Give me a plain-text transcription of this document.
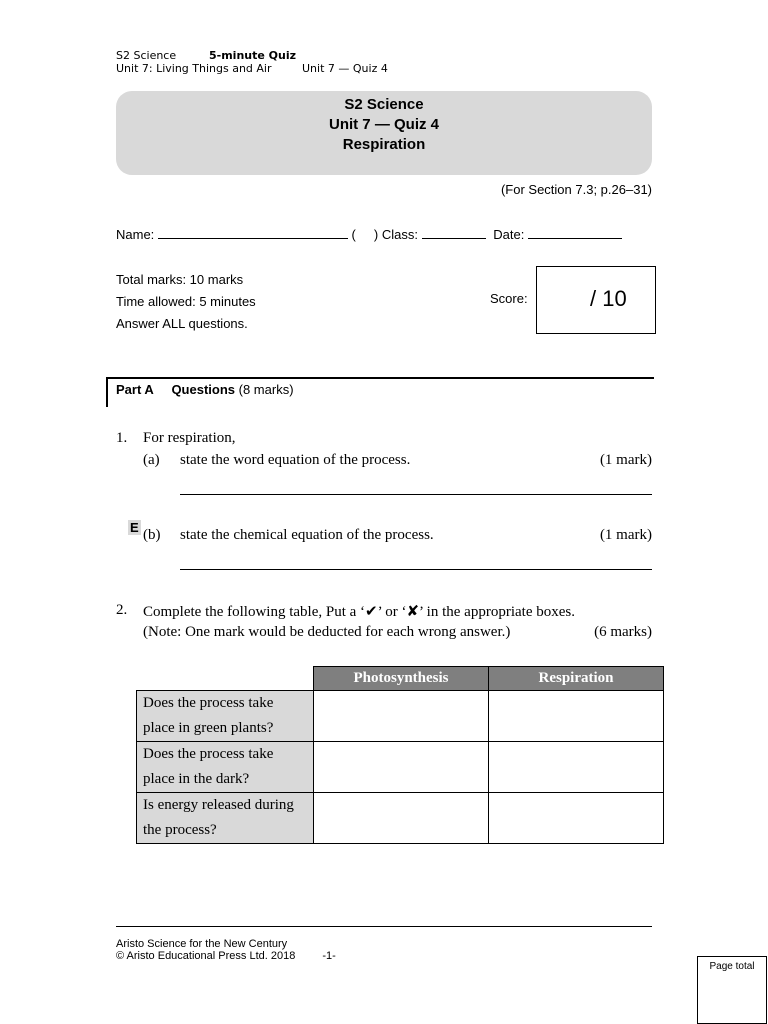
S2 Science	5-minute Quiz
Unit 7: Living Things and Air	Unit 7 — Quiz 4
S2 Science
Unit 7 — Quiz 4
Respiration
(For Section 7.3; p.26–31)
Name:	(     ) Class:	Date:
Total marks: 10 marks
Time allowed: 5 minutes
Answer ALL questions.
Score:	/ 10
Part A Questions (8 marks)
1. For respiration,
(a) state the word equation of the process.	(1 mark)
E (b) state the chemical equation of the process.	(1 mark)
2. Complete the following table, Put a ‘✔’ or ‘✘’ in the appropriate boxes.
(Note: One mark would be deducted for each wrong answer.)	(6 marks)
	Photosynthesis	Respiration

Does the process take
place in green plants?		

Does the process take
place in the dark?		

Is energy released during
the process?		

Aristo Science for the New Century
© Aristo Educational Press Ltd. 2018 -1-
Page total
